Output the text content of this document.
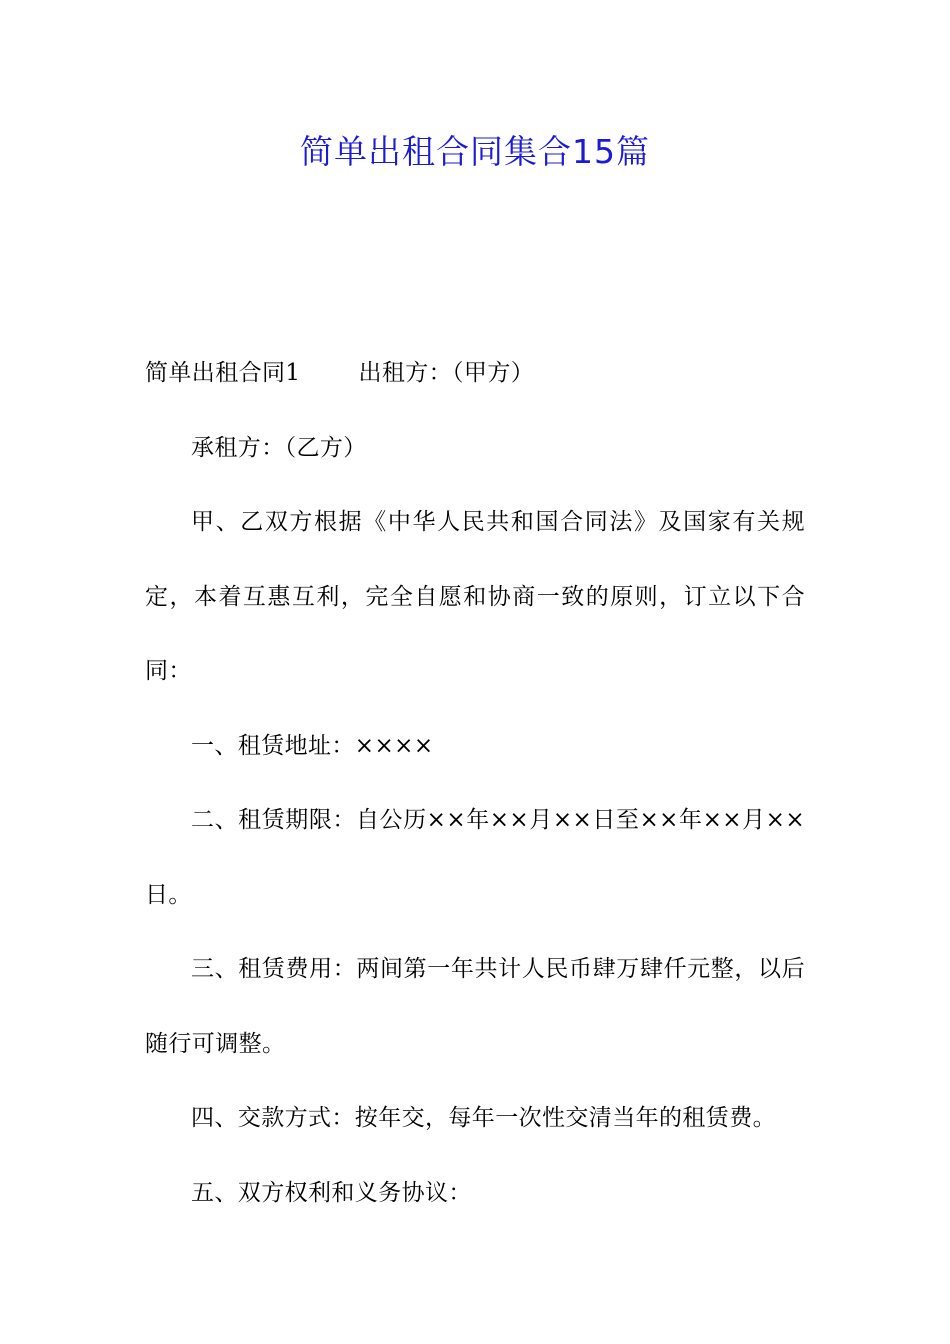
简单出租合同集合15篇

简单出租合同1	出租方：（甲方）

承租方：（乙方）

甲、乙双方根据《中华人民共和国合同法》及国家有关规定，本着互惠互利，完全自愿和协商一致的原则，订立以下合同：

一、租赁地址：××××

二、租赁期限：自公历××年××月××日至××年××月××日。

三、租赁费用：两间第一年共计人民币肆万肆仟元整，以后随行可调整。

四、交款方式：按年交，每年一次性交清当年的租赁费。

五、双方权利和义务协议：
